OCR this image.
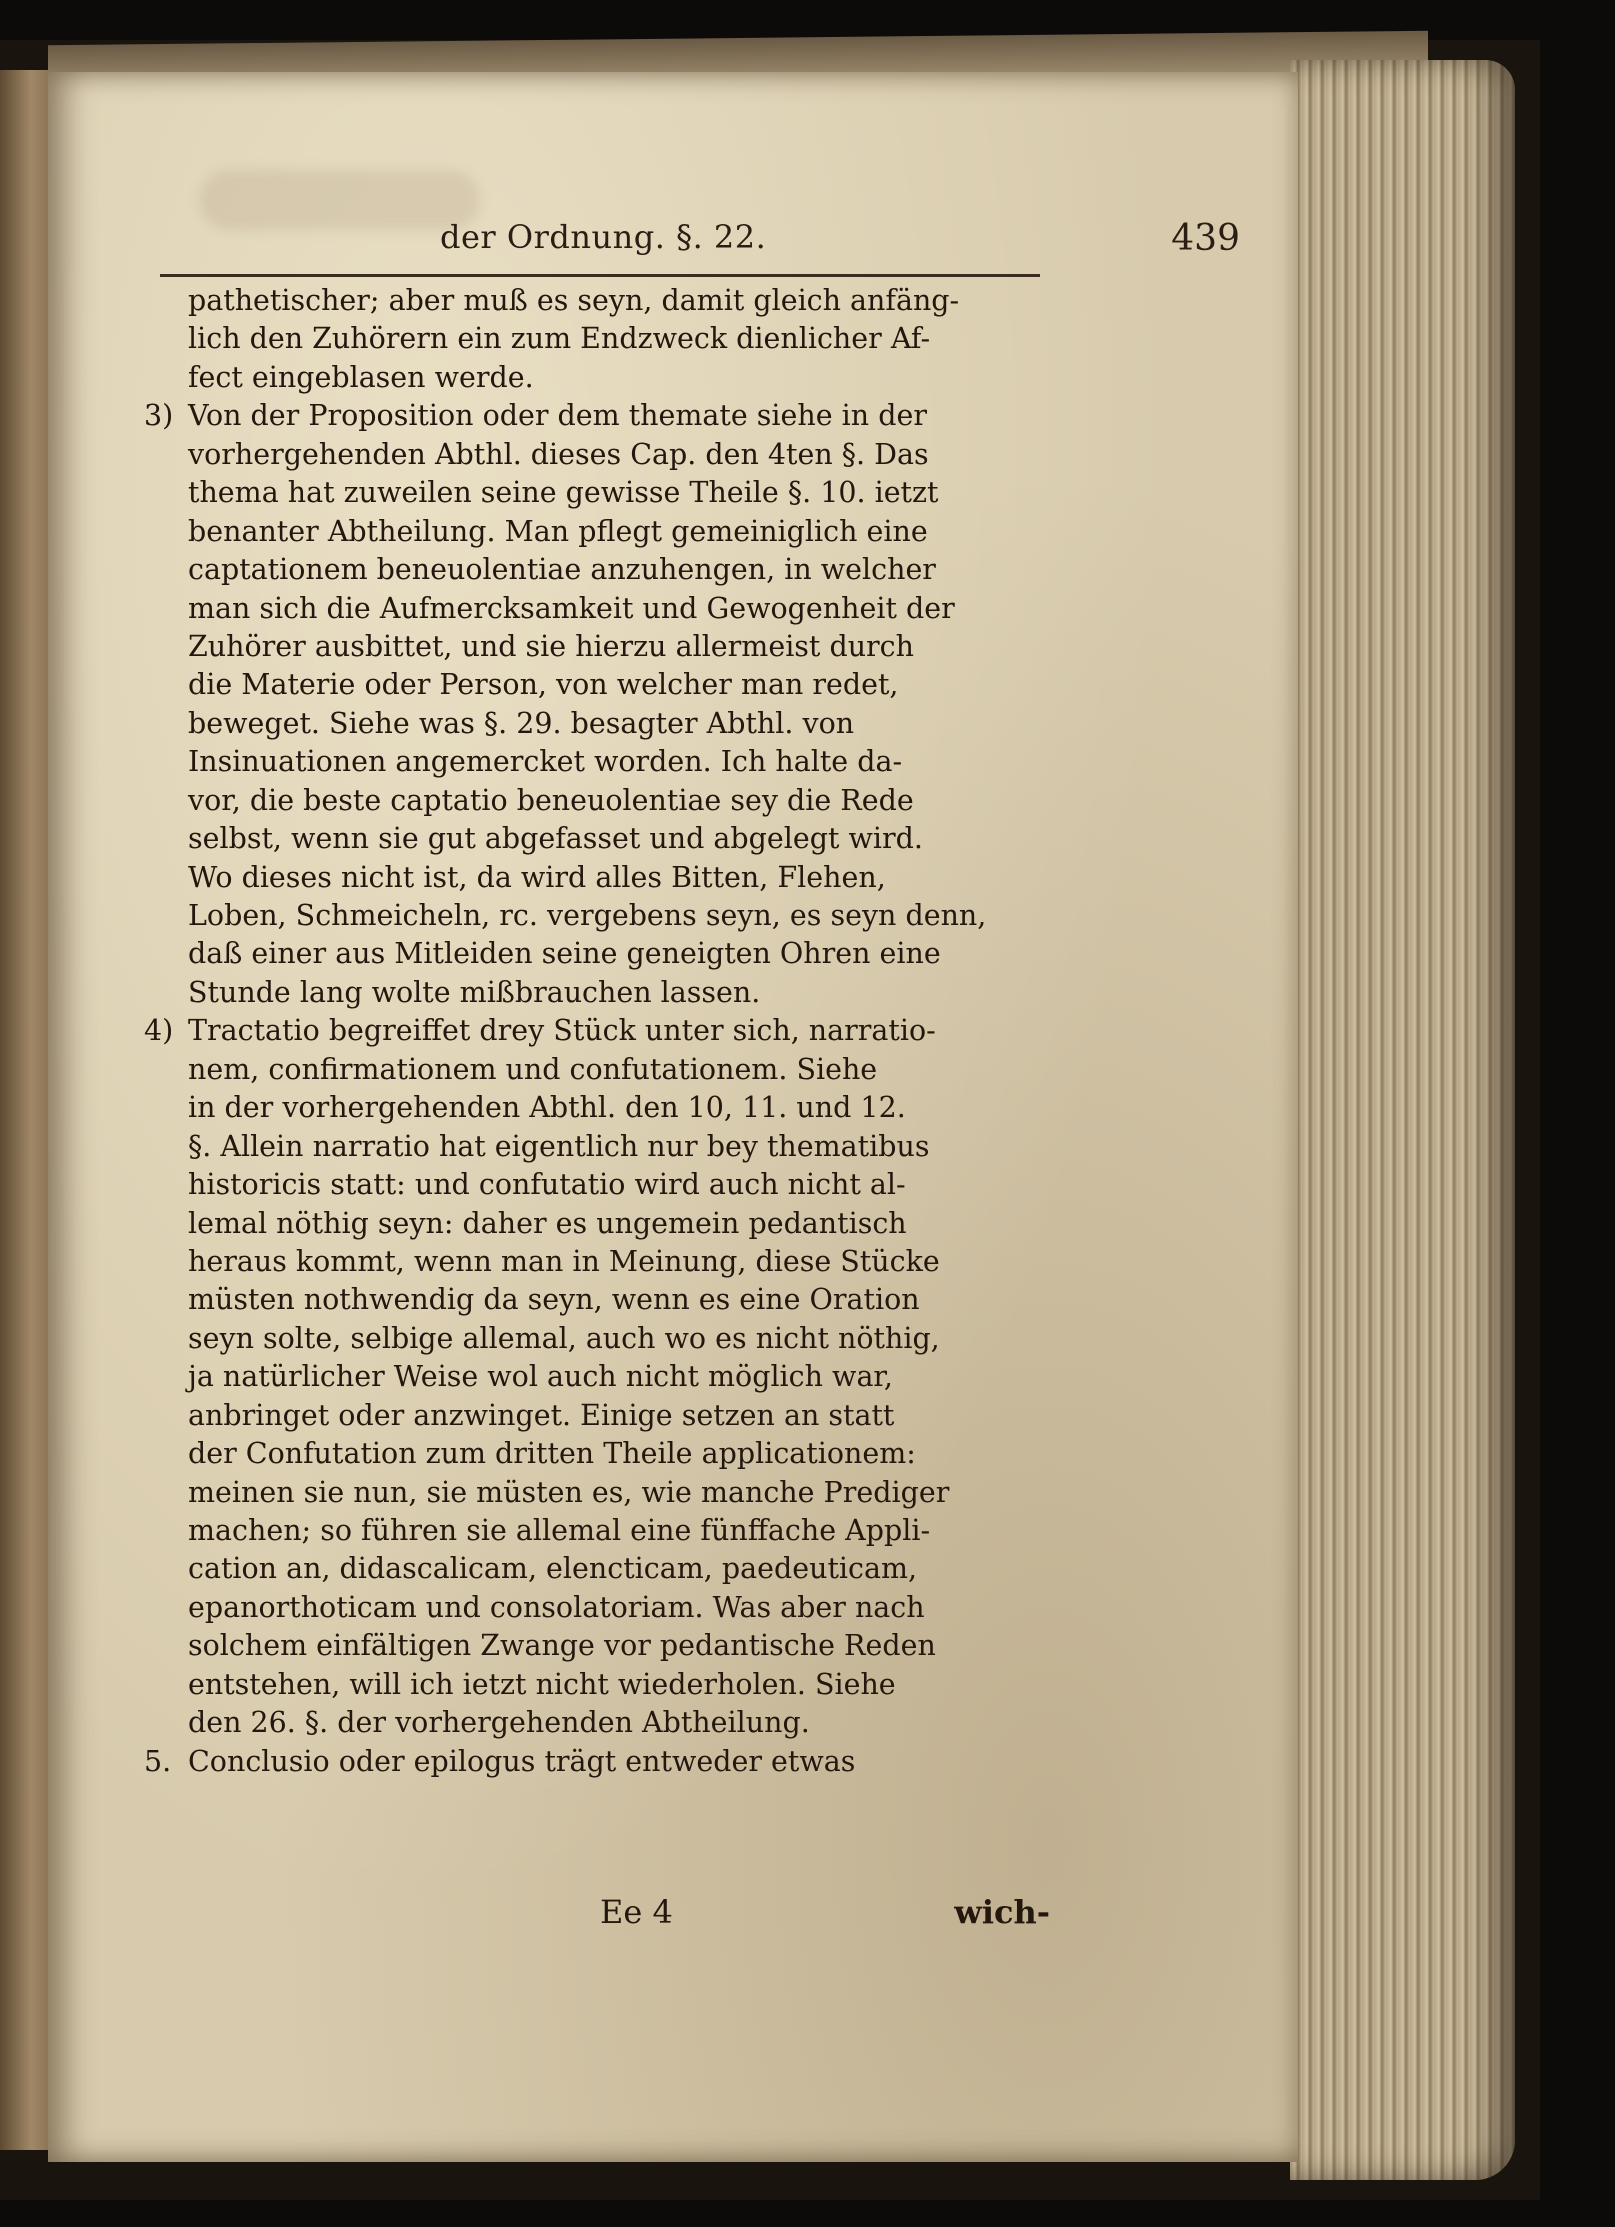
der Ordnung. §. 22.	439
pathetischer; aber muß es seyn, damit gleich anfäng-
lich den Zuhörern ein zum Endzweck dienlicher Af-
fect eingeblasen werde.
3) Von der Proposition oder dem themate siehe in der
vorhergehenden Abthl. dieses Cap. den 4ten §. Das
thema hat zuweilen seine gewisse Theile §. 10. ietzt
benanter Abtheilung. Man pflegt gemeiniglich eine
captationem beneuolentiae anzuhengen, in welcher
man sich die Aufmercksamkeit und Gewogenheit der
Zuhörer ausbittet, und sie hierzu allermeist durch
die Materie oder Person, von welcher man redet,
beweget. Siehe was §. 29. besagter Abthl. von
Insinuationen angemercket worden. Ich halte da-
vor, die beste captatio beneuolentiae sey die Rede
selbst, wenn sie gut abgefasset und abgelegt wird.
Wo dieses nicht ist, da wird alles Bitten, Flehen,
Loben, Schmeicheln, rc. vergebens seyn, es seyn denn,
daß einer aus Mitleiden seine geneigten Ohren eine
Stunde lang wolte mißbrauchen lassen.
4) Tractatio begreiffet drey Stück unter sich, narratio-
nem, confirmationem und confutationem. Siehe
in der vorhergehenden Abthl. den 10, 11. und 12.
§. Allein narratio hat eigentlich nur bey thematibus
historicis statt: und confutatio wird auch nicht al-
lemal nöthig seyn: daher es ungemein pedantisch
heraus kommt, wenn man in Meinung, diese Stücke
müsten nothwendig da seyn, wenn es eine Oration
seyn solte, selbige allemal, auch wo es nicht nöthig,
ja natürlicher Weise wol auch nicht möglich war,
anbringet oder anzwinget. Einige setzen an statt
der Confutation zum dritten Theile applicationem:
meinen sie nun, sie müsten es, wie manche Prediger
machen; so führen sie allemal eine fünffache Appli-
cation an, didascalicam, elencticam, paedeuticam,
epanorthoticam und consolatoriam. Was aber nach
solchem einfältigen Zwange vor pedantische Reden
entstehen, will ich ietzt nicht wiederholen. Siehe
den 26. §. der vorhergehenden Abtheilung.
5. Conclusio oder epilogus trägt entweder etwas
Ee 4	wich-
